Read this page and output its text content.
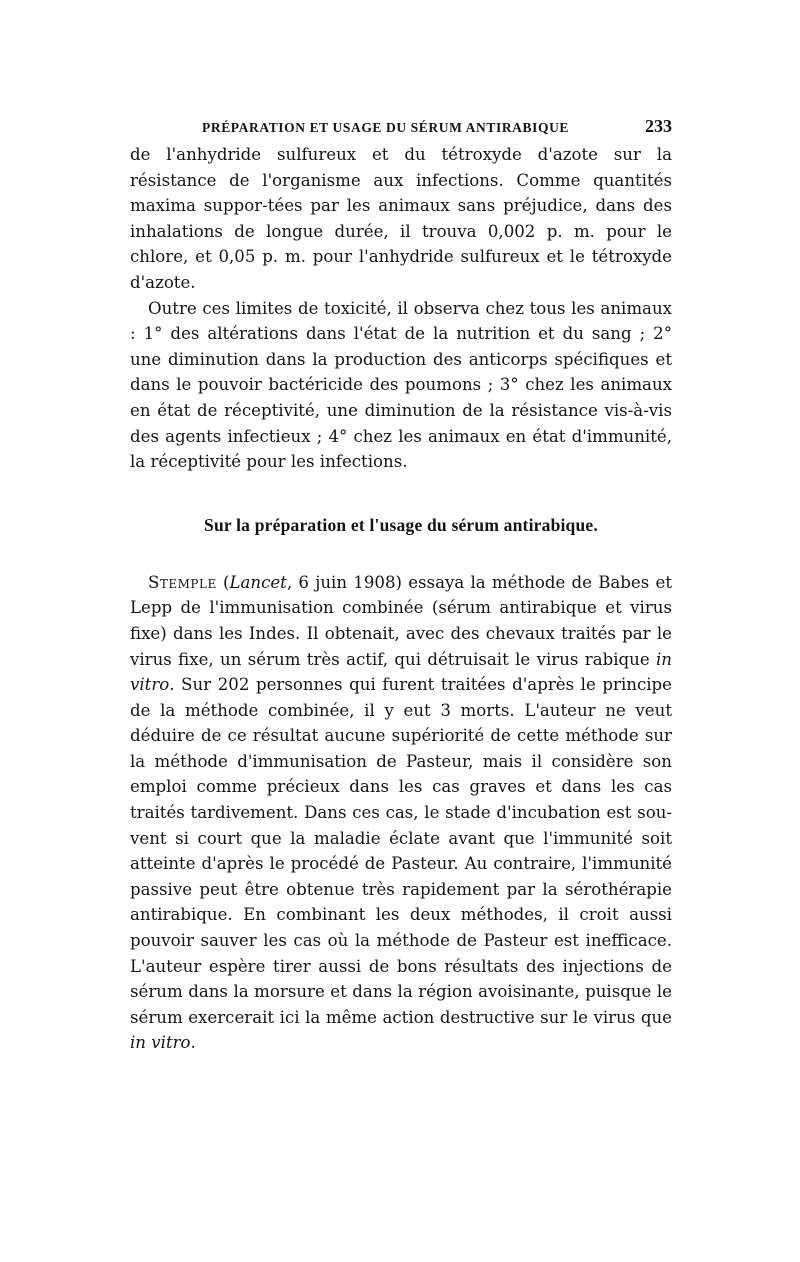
PRÉPARATION ET USAGE DU SÉRUM ANTIRABIQUE	233

de l'anhydride sulfureux et du tétroxyde d'azote sur la résistance de l'organisme aux infections. Comme quantités maxima suppor-tées par les animaux sans préjudice, dans des inhalations de longue durée, il trouva 0,002 p. m. pour le chlore, et 0,05 p. m. pour l'anhydride sulfureux et le tétroxyde d'azote.

Outre ces limites de toxicité, il observa chez tous les animaux : 1° des altérations dans l'état de la nutrition et du sang ; 2° une diminution dans la production des anticorps spécifiques et dans le pouvoir bactéricide des poumons ; 3° chez les animaux en état de réceptivité, une diminution de la résistance vis-à-vis des agents infectieux ; 4° chez les animaux en état d'immunité, la réceptivité pour les infections.

Sur la préparation et l'usage du sérum antirabique.

Stemple (Lancet, 6 juin 1908) essaya la méthode de Babes et Lepp de l'immunisation combinée (sérum antirabique et virus fixe) dans les Indes. Il obtenait, avec des chevaux traités par le virus fixe, un sérum très actif, qui détruisait le virus rabique in vitro. Sur 202 personnes qui furent traitées d'après le principe de la méthode combinée, il y eut 3 morts. L'auteur ne veut déduire de ce résultat aucune supériorité de cette méthode sur la méthode d'immunisation de Pasteur, mais il considère son emploi comme précieux dans les cas graves et dans les cas traités tardivement. Dans ces cas, le stade d'incubation est sou-vent si court que la maladie éclate avant que l'immunité soit atteinte d'après le procédé de Pasteur. Au contraire, l'immunité passive peut être obtenue très rapidement par la sérothérapie antirabique. En combinant les deux méthodes, il croit aussi pouvoir sauver les cas où la méthode de Pasteur est inefficace. L'auteur espère tirer aussi de bons résultats des injections de sérum dans la morsure et dans la région avoisinante, puisque le sérum exercerait ici la même action destructive sur le virus que in vitro.
